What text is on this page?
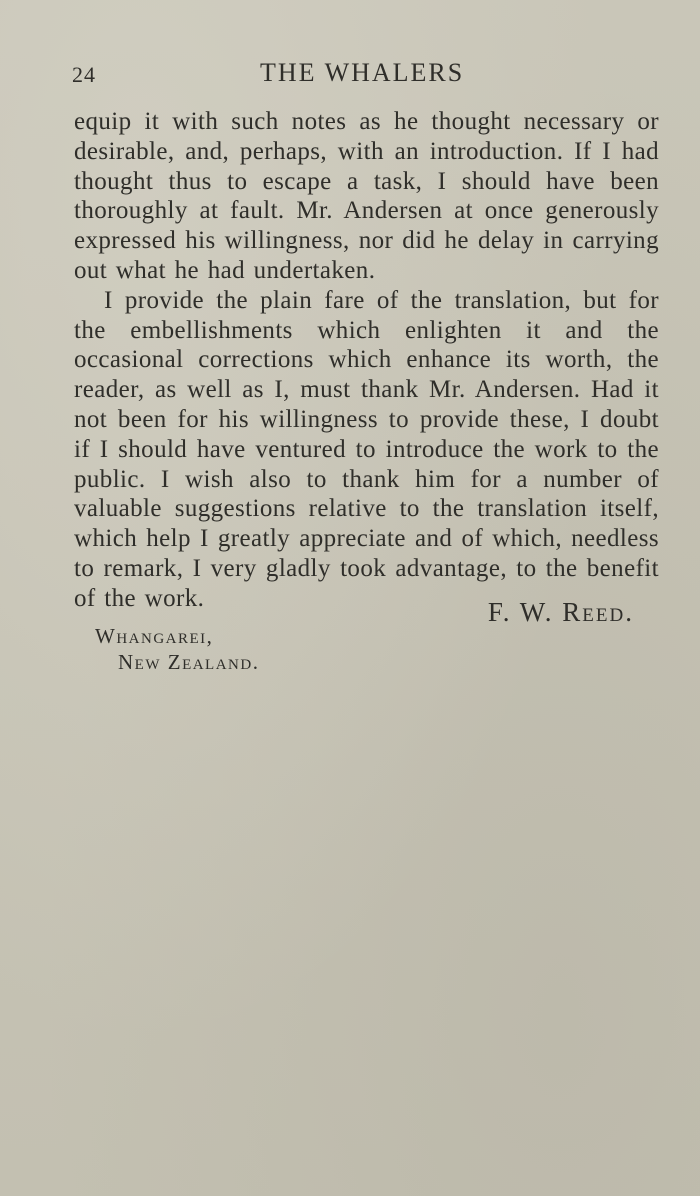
24	THE WHALERS

equip it with such notes as he thought necessary or desirable, and, perhaps, with an introduction. If I had thought thus to escape a task, I should have been thoroughly at fault. Mr. Andersen at once generously expressed his willingness, nor did he delay in carrying out what he had undertaken.

I provide the plain fare of the translation, but for the embellishments which enlighten it and the occasional corrections which enhance its worth, the reader, as well as I, must thank Mr. Andersen. Had it not been for his willingness to provide these, I doubt if I should have ventured to introduce the work to the public. I wish also to thank him for a number of valuable suggestions relative to the translation itself, which help I greatly appreciate and of which, needless to remark, I very gladly took advantage, to the benefit of the work.	F. W. Reed.
Whangarei,
New Zealand.
